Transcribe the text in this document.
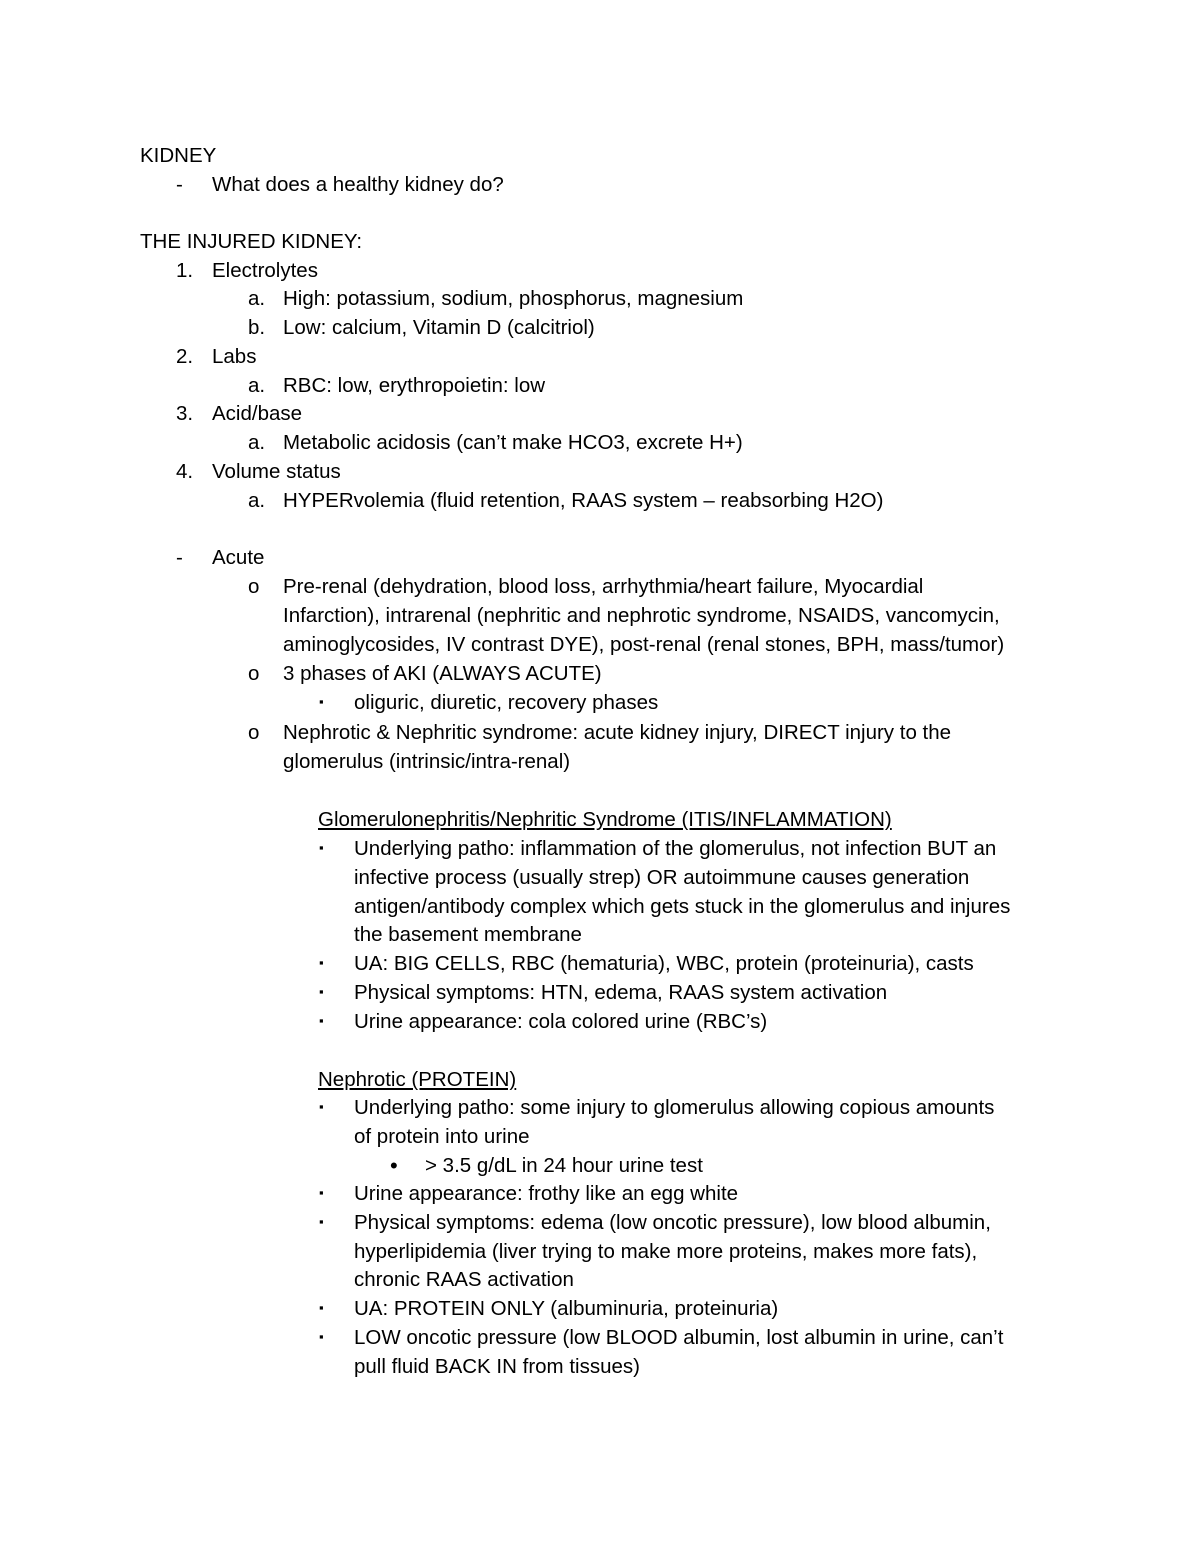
KIDNEY
- What does a healthy kidney do?
THE INJURED KIDNEY:
1. Electrolytes
a. High: potassium, sodium, phosphorus, magnesium
b. Low: calcium, Vitamin D (calcitriol)
2. Labs
a. RBC: low, erythropoietin: low
3. Acid/base
a. Metabolic acidosis (can’t make HCO3, excrete H+)
4. Volume status
a. HYPERvolemia (fluid retention, RAAS system – reabsorbing H2O)
- Acute
o Pre-renal (dehydration, blood loss, arrhythmia/heart failure, Myocardial
Infarction), intrarenal (nephritic and nephrotic syndrome, NSAIDS, vancomycin,
aminoglycosides, IV contrast DYE), post-renal (renal stones, BPH, mass/tumor)
o 3 phases of AKI (ALWAYS ACUTE)
▪ oliguric, diuretic, recovery phases
o Nephrotic & Nephritic syndrome: acute kidney injury, DIRECT injury to the
glomerulus (intrinsic/intra-renal)
Glomerulonephritis/Nephritic Syndrome (ITIS/INFLAMMATION)
▪ Underlying patho: inflammation of the glomerulus, not infection BUT an
infective process (usually strep) OR autoimmune causes generation
antigen/antibody complex which gets stuck in the glomerulus and injures
the basement membrane
▪ UA: BIG CELLS, RBC (hematuria), WBC, protein (proteinuria), casts
▪ Physical symptoms: HTN, edema, RAAS system activation
▪ Urine appearance: cola colored urine (RBC’s)
Nephrotic (PROTEIN)
▪ Underlying patho: some injury to glomerulus allowing copious amounts
of protein into urine
• > 3.5 g/dL in 24 hour urine test
▪ Urine appearance: frothy like an egg white
▪ Physical symptoms: edema (low oncotic pressure), low blood albumin,
hyperlipidemia (liver trying to make more proteins, makes more fats),
chronic RAAS activation
▪ UA: PROTEIN ONLY (albuminuria, proteinuria)
▪ LOW oncotic pressure (low BLOOD albumin, lost albumin in urine, can’t
pull fluid BACK IN from tissues)
